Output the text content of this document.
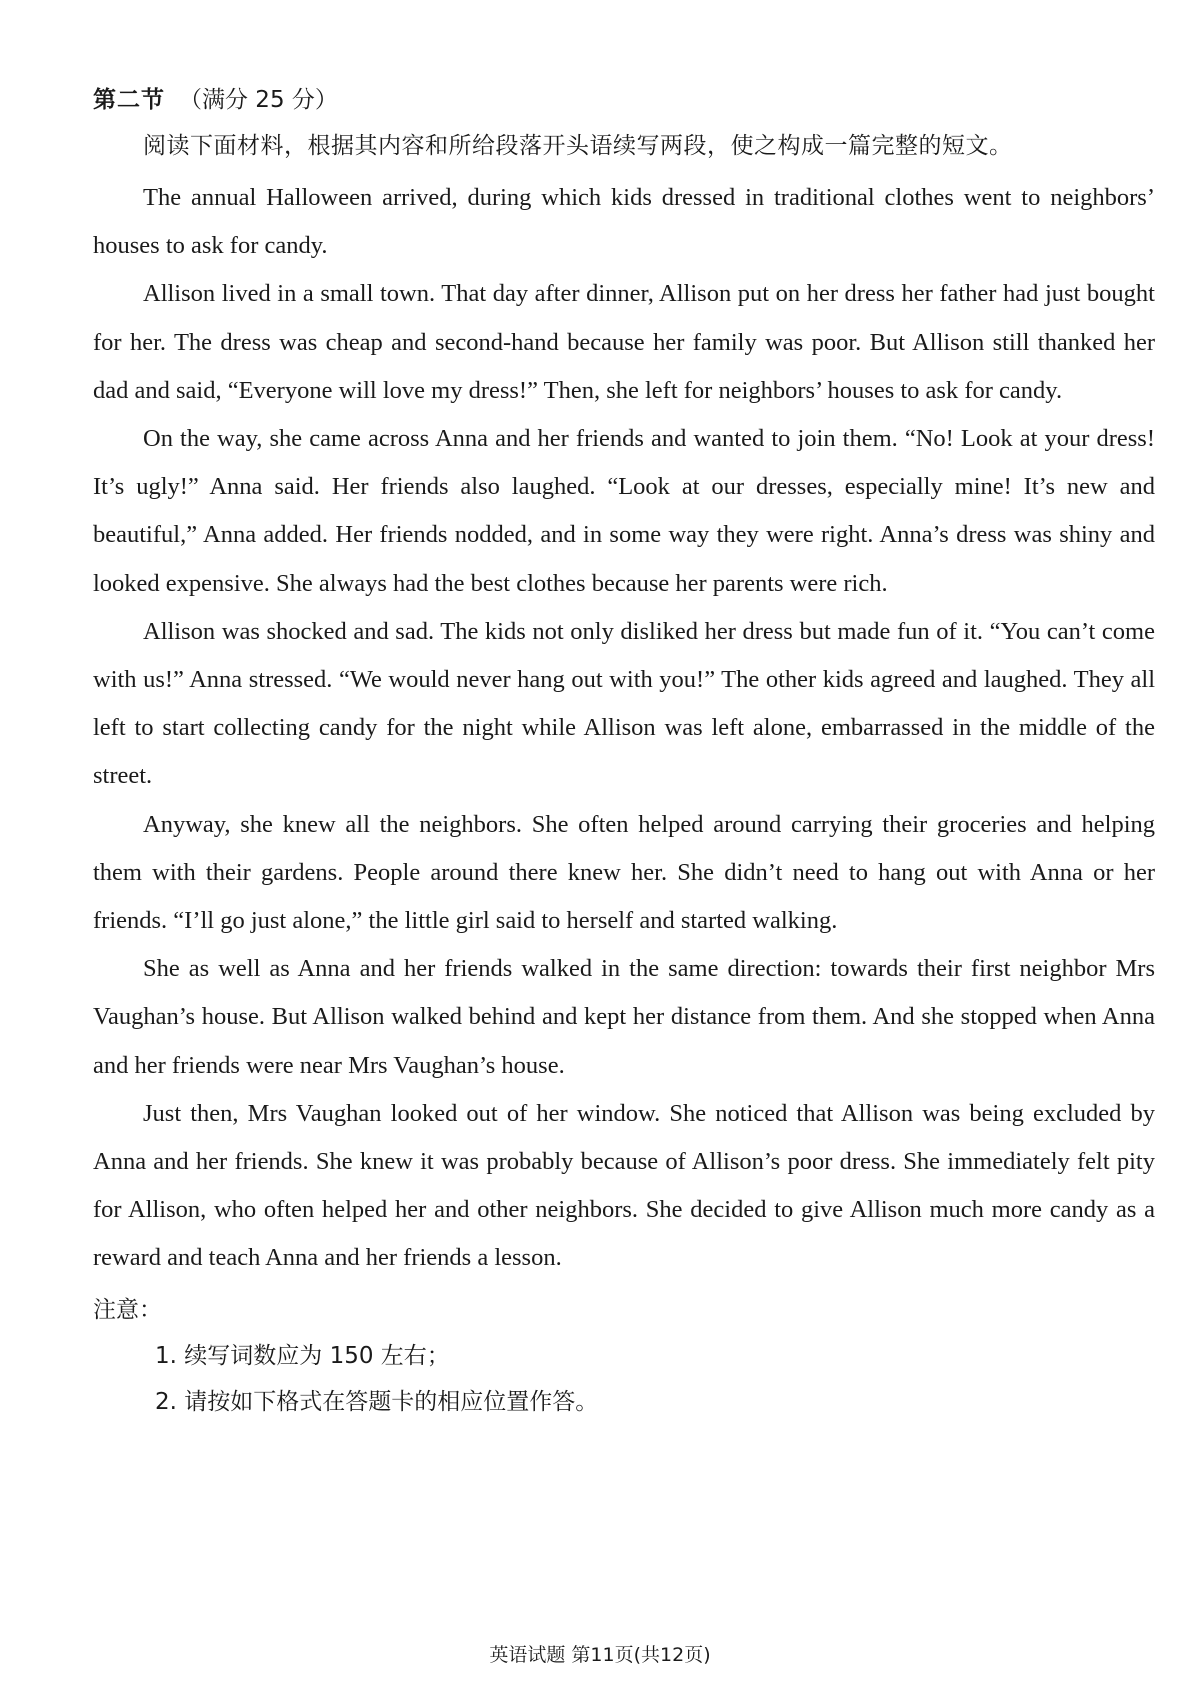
第二节 （满分 25 分）

阅读下面材料，根据其内容和所给段落开头语续写两段，使之构成一篇完整的短文。

The annual Halloween arrived, during which kids dressed in traditional clothes went to neighbors’ houses to ask for candy.

Allison lived in a small town. That day after dinner, Allison put on her dress her father had just bought for her. The dress was cheap and second-hand because her family was poor. But Allison still thanked her dad and said, “Everyone will love my dress!” Then, she left for neighbors’ houses to ask for candy.

On the way, she came across Anna and her friends and wanted to join them. “No! Look at your dress! It’s ugly!” Anna said. Her friends also laughed. “Look at our dresses, especially mine! It’s new and beautiful,” Anna added. Her friends nodded, and in some way they were right. Anna’s dress was shiny and looked expensive. She always had the best clothes because her parents were rich.

Allison was shocked and sad. The kids not only disliked her dress but made fun of it. “You can’t come with us!” Anna stressed. “We would never hang out with you!” The other kids agreed and laughed. They all left to start collecting candy for the night while Allison was left alone, embarrassed in the middle of the street.

Anyway, she knew all the neighbors. She often helped around carrying their groceries and helping them with their gardens. People around there knew her. She didn’t need to hang out with Anna or her friends. “I’ll go just alone,” the little girl said to herself and started walking.

She as well as Anna and her friends walked in the same direction: towards their first neighbor Mrs Vaughan’s house. But Allison walked behind and kept her distance from them. And she stopped when Anna and her friends were near Mrs Vaughan’s house.

Just then, Mrs Vaughan looked out of her window. She noticed that Allison was being excluded by Anna and her friends. She knew it was probably because of Allison’s poor dress. She immediately felt pity for Allison, who often helped her and other neighbors. She decided to give Allison much more candy as a reward and teach Anna and her friends a lesson.

注意：
1. 续写词数应为 150 左右；
2. 请按如下格式在答题卡的相应位置作答。
英语试题 第11页(共12页)
